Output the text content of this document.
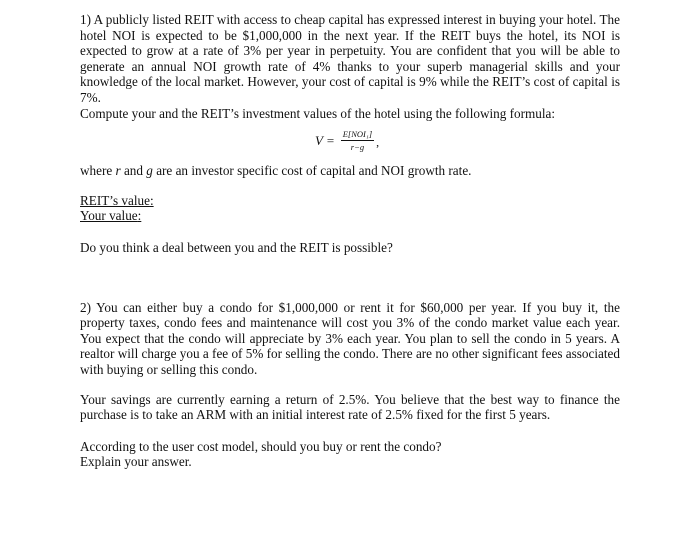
1) A publicly listed REIT with access to cheap capital has expressed interest in buying your hotel. The hotel NOI is expected to be $1,000,000 in the next year. If the REIT buys the hotel, its NOI is expected to grow at a rate of 3% per year in perpetuity. You are confident that you will be able to generate an annual NOI growth rate of 4% thanks to your superb managerial skills and your knowledge of the local market. However, your cost of capital is 9% while the REIT’s cost of capital is 7%.

Compute your and the REIT’s investment values of the hotel using the following formula:

$V = \frac{\text{E[NOI₁]}}{r-g}$ ,

where r and g are an investor specific cost of capital and NOI growth rate.

REIT’s value:

Your value:

Do you think a deal between you and the REIT is possible?

2) You can either buy a condo for $1,000,000 or rent it for $60,000 per year. If you buy it, the property taxes, condo fees and maintenance will cost you 3% of the condo market value each year. You expect that the condo will appreciate by 3% each year. You plan to sell the condo in 5 years. A realtor will charge you a fee of 5% for selling the condo. There are no other significant fees associated with buying or selling this condo.

Your savings are currently earning a return of 2.5%. You believe that the best way to finance the purchase is to take an ARM with an initial interest rate of 2.5% fixed for the first 5 years.

According to the user cost model, should you buy or rent the condo?

Explain your answer.
